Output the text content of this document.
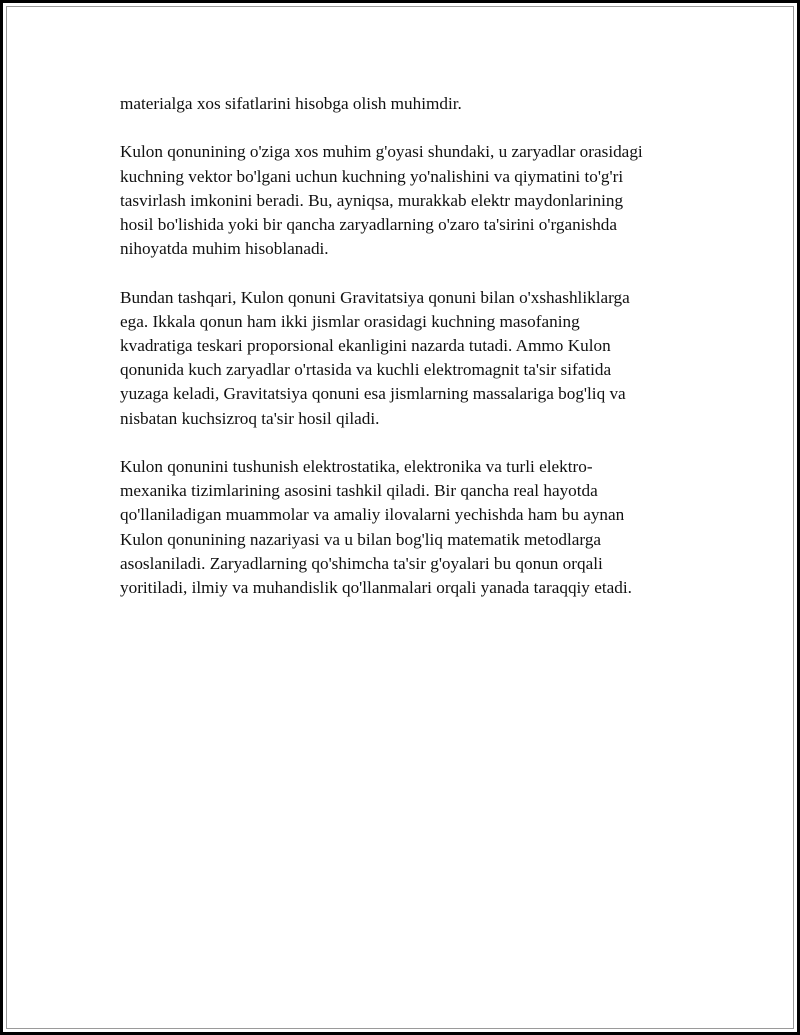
materialga xos sifatlarini hisobga olish muhimdir.

Kulon qonunining o'ziga xos muhim g'oyasi shundaki, u zaryadlar orasidagi
kuchning vektor bo'lgani uchun kuchning yo'nalishini va qiymatini to'g'ri
tasvirlash imkonini beradi. Bu, ayniqsa, murakkab elektr maydonlarining
hosil bo'lishida yoki bir qancha zaryadlarning o'zaro ta'sirini o'rganishda
nihoyatda muhim hisoblanadi.

Bundan tashqari, Kulon qonuni Gravitatsiya qonuni bilan o'xshashliklarga
ega. Ikkala qonun ham ikki jismlar orasidagi kuchning masofaning
kvadratiga teskari proporsional ekanligini nazarda tutadi. Ammo Kulon
qonunida kuch zaryadlar o'rtasida va kuchli elektromagnit ta'sir sifatida
yuzaga keladi, Gravitatsiya qonuni esa jismlarning massalariga bog'liq va
nisbatan kuchsizroq ta'sir hosil qiladi.

Kulon qonunini tushunish elektrostatika, elektronika va turli elektro-
mexanika tizimlarining asosini tashkil qiladi. Bir qancha real hayotda
qo'llaniladigan muammolar va amaliy ilovalarni yechishda ham bu aynan
Kulon qonunining nazariyasi va u bilan bog'liq matematik metodlarga
asoslaniladi. Zaryadlarning qo'shimcha ta'sir g'oyalari bu qonun orqali
yoritiladi, ilmiy va muhandislik qo'llanmalari orqali yanada taraqqiy etadi.
